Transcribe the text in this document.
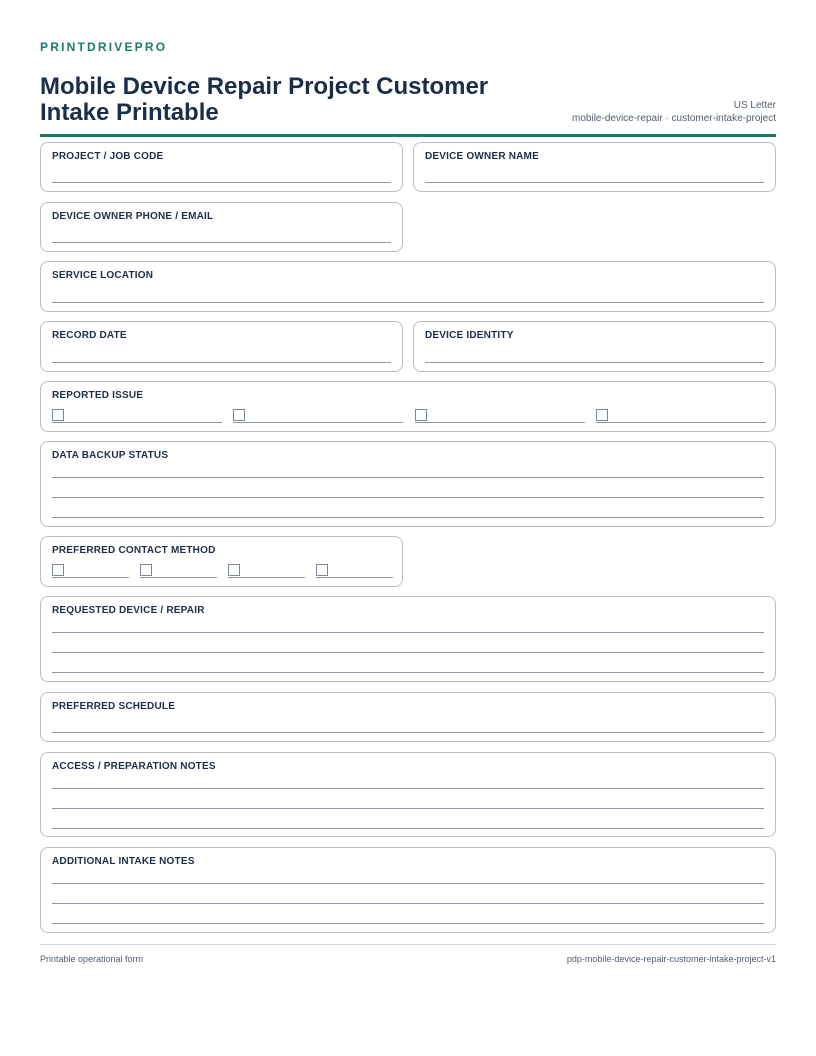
PRINTDRIVEPRO
Mobile Device Repair Project Customer Intake Printable	US Letter
mobile-device-repair · customer-intake-project
PROJECT / JOB CODE	DEVICE OWNER NAME
DEVICE OWNER PHONE / EMAIL
SERVICE LOCATION
RECORD DATE	DEVICE IDENTITY
REPORTED ISSUE
DATA BACKUP STATUS
PREFERRED CONTACT METHOD
REQUESTED DEVICE / REPAIR
PREFERRED SCHEDULE
ACCESS / PREPARATION NOTES
ADDITIONAL INTAKE NOTES
Printable operational form	pdp-mobile-device-repair-customer-intake-project-v1
